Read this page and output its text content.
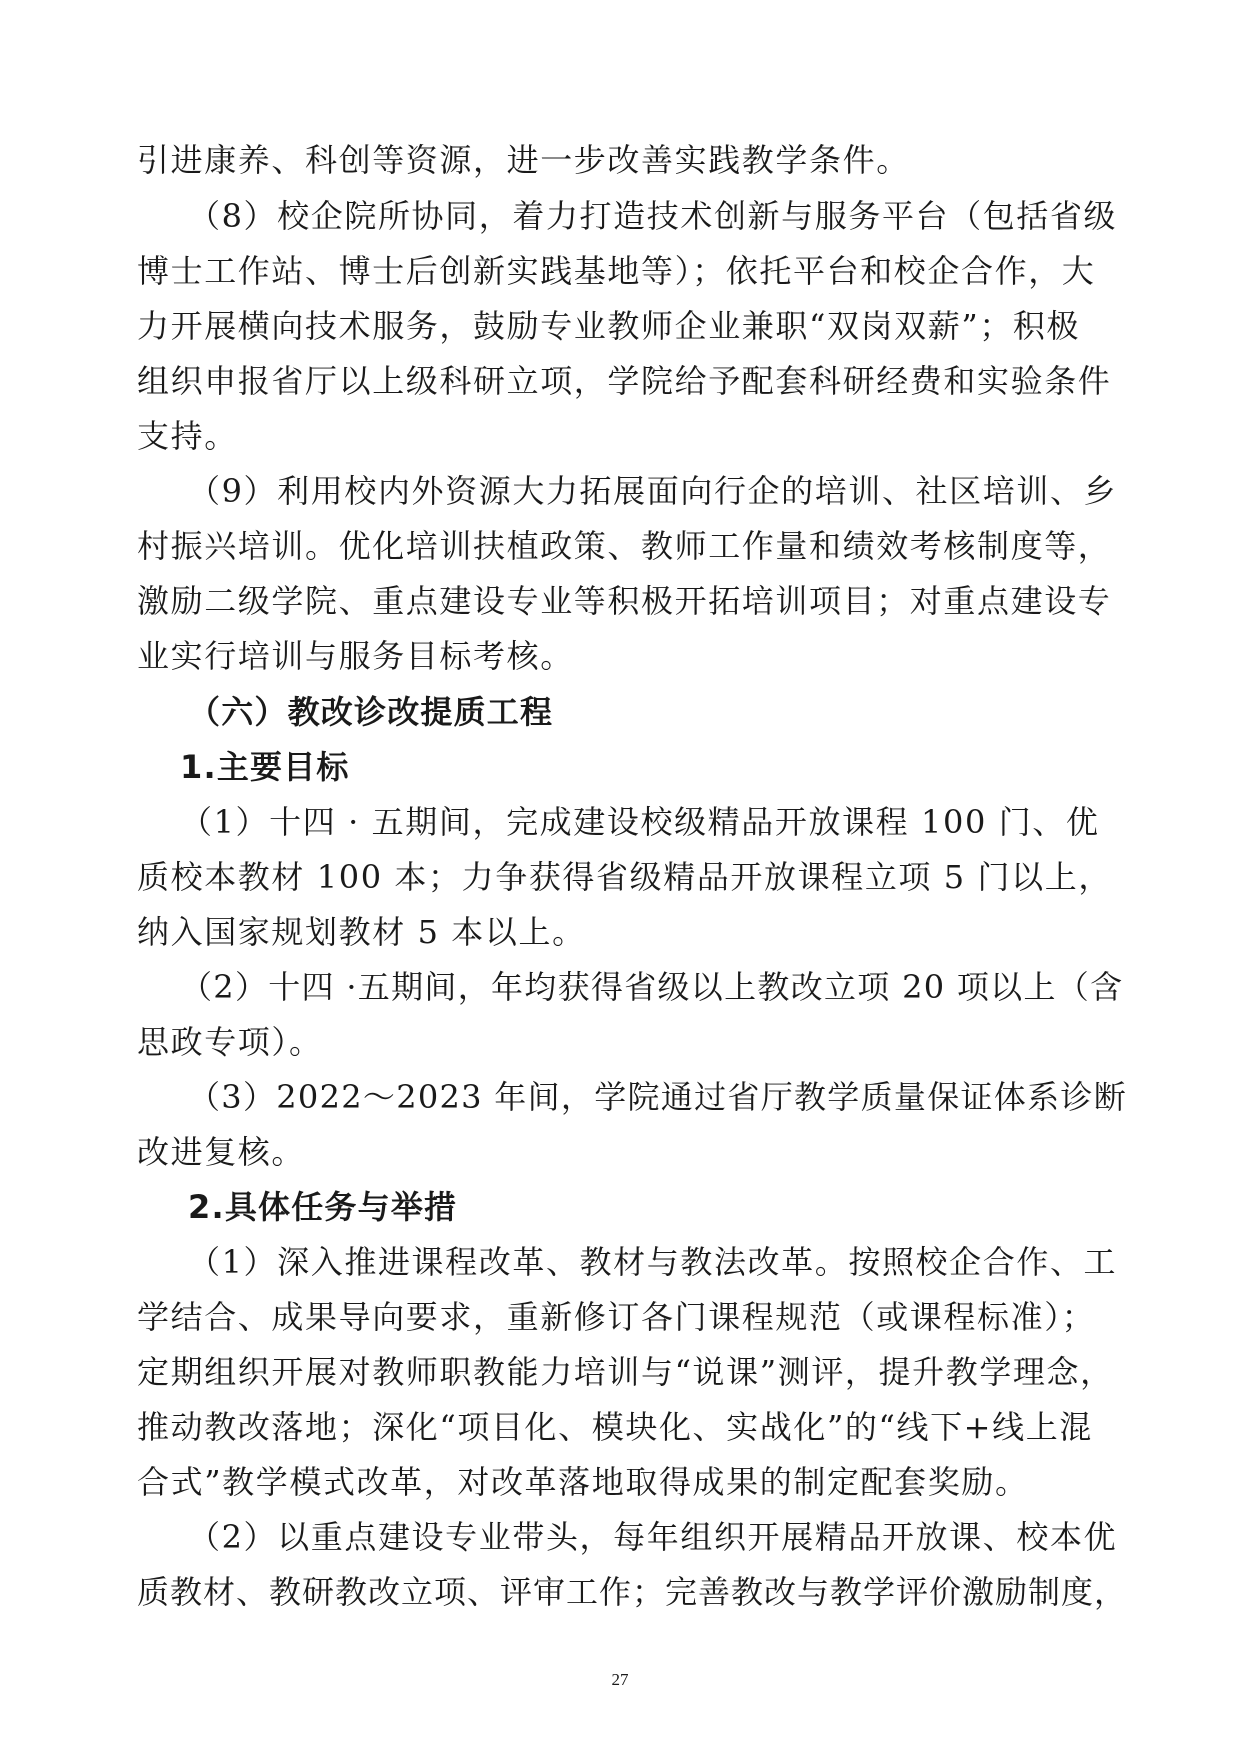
引进康养、科创等资源，进一步改善实践教学条件。
（8）校企院所协同，着力打造技术创新与服务平台（包括省级
博士工作站、博士后创新实践基地等）；依托平台和校企合作，大
力开展横向技术服务，鼓励专业教师企业兼职“双岗双薪”；积极
组织申报省厅以上级科研立项，学院给予配套科研经费和实验条件
支持。
（9）利用校内外资源大力拓展面向行企的培训、社区培训、乡
村振兴培训。优化培训扶植政策、教师工作量和绩效考核制度等，
激励二级学院、重点建设专业等积极开拓培训项目；对重点建设专
业实行培训与服务目标考核。
（六）教改诊改提质工程
1.主要目标
（1）十四 · 五期间，完成建设校级精品开放课程 100 门、优
质校本教材 100 本；力争获得省级精品开放课程立项 5 门以上，
纳入国家规划教材 5 本以上。
（2）十四 ·五期间，年均获得省级以上教改立项 20 项以上（含
思政专项）。
（3）2022～2023 年间，学院通过省厅教学质量保证体系诊断
改进复核。
2.具体任务与举措
（1）深入推进课程改革、教材与教法改革。按照校企合作、工
学结合、成果导向要求，重新修订各门课程规范（或课程标准）；
定期组织开展对教师职教能力培训与“说课”测评，提升教学理念，
推动教改落地；深化“项目化、模块化、实战化”的“线下+线上混
合式”教学模式改革，对改革落地取得成果的制定配套奖励。
（2）以重点建设专业带头，每年组织开展精品开放课、校本优
质教材、教研教改立项、评审工作；完善教改与教学评价激励制度，
27
